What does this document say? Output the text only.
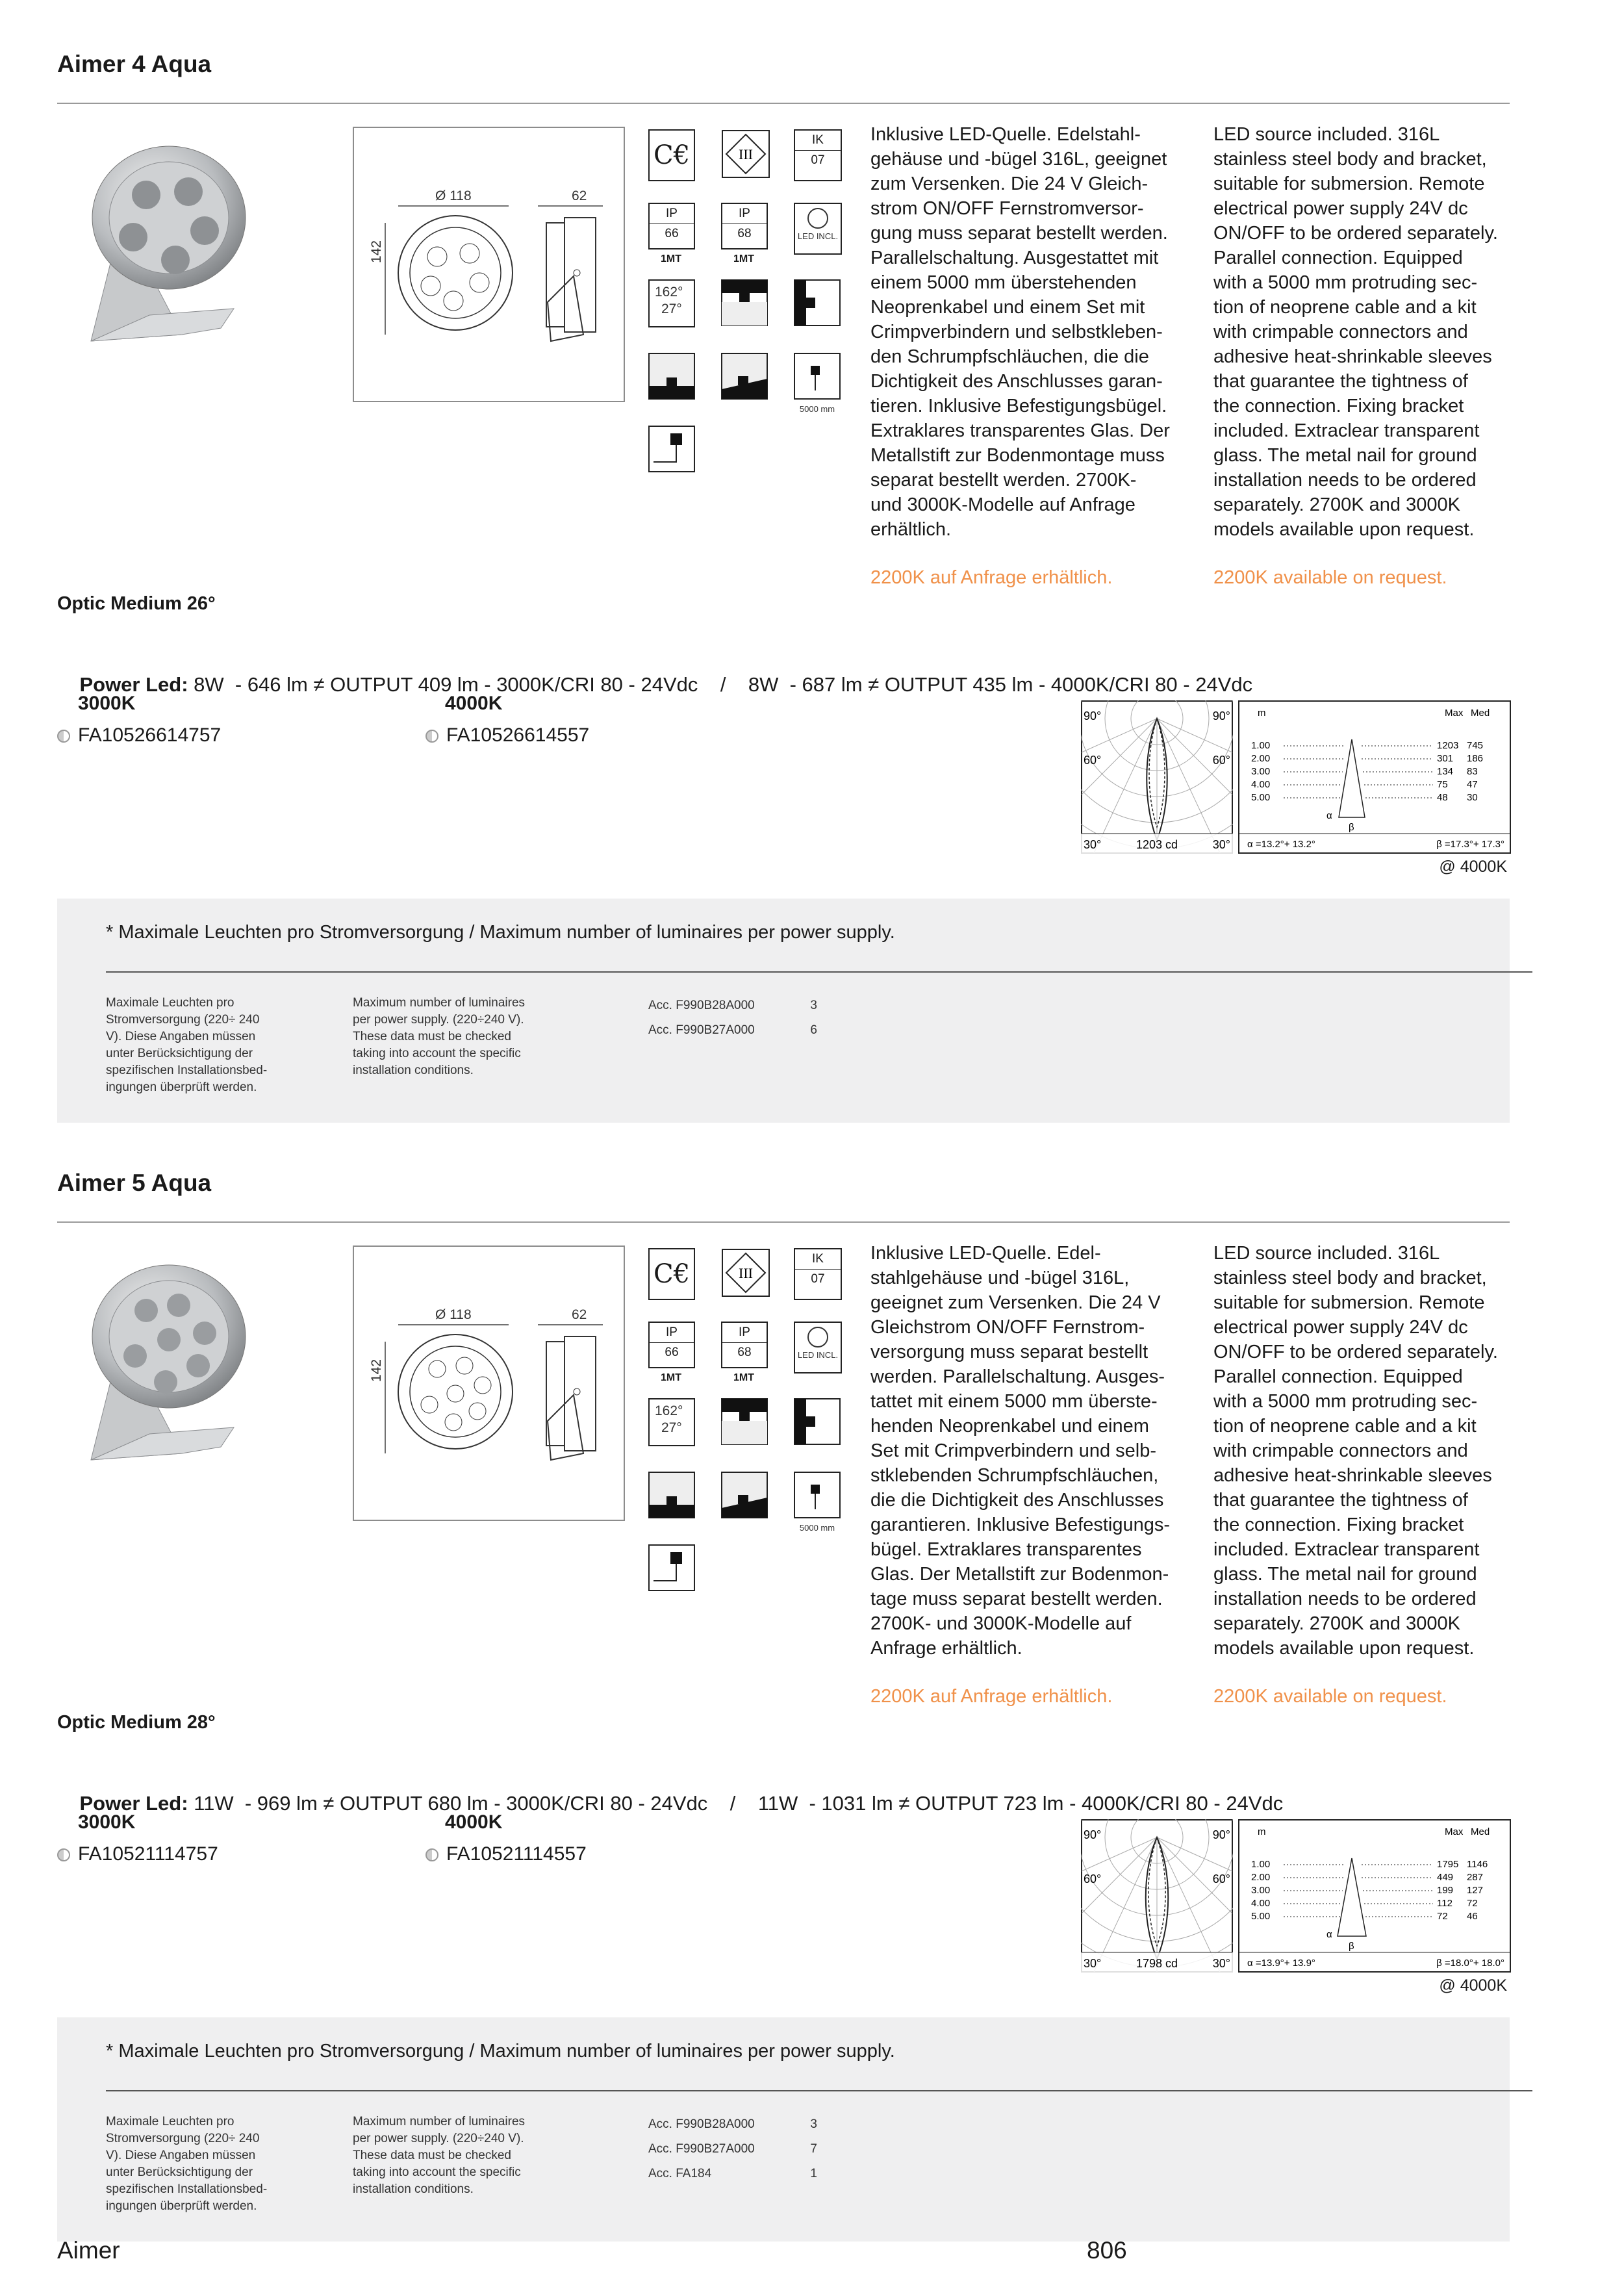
Aimer 4 Aqua
Ø 118	62
142
C€	III
IK
07
IP
66
1MT
IP
68
1MT
LED INCL.
162°
27°
5000 mm
Inklusive LED-Quelle. Edelstahl-
gehäuse und -bügel 316L, geeignet
zum Versenken. Die 24 V Gleich-
strom ON/OFF Fernstromversor-
gung muss separat bestellt werden.
Parallelschaltung. Ausgestattet mit
einem 5000 mm überstehenden
Neoprenkabel und einem Set mit
Crimpverbindern und selbstkleben-
den Schrumpfschläuchen, die die
Dichtigkeit des Anschlusses garan-
tieren. Inklusive Befestigungsbügel.
Extraklares transparentes Glas. Der
Metallstift zur Bodenmontage muss
separat bestellt werden. 2700K-
und 3000K-Modelle auf Anfrage
erhältlich.
LED source included. 316L
stainless steel body and bracket,
suitable for submersion. Remote
electrical power supply 24V dc
ON/OFF to be ordered separately.
Parallel connection. Equipped
with a 5000 mm protruding sec-
tion of neoprene cable and a kit
with crimpable connectors and
adhesive heat-shrinkable sleeves
that guarantee the tightness of
the connection. Fixing bracket
included. Extraclear transparent
glass. The metal nail for ground
installation needs to be ordered
separately. 2700K and 3000K
models available upon request.
2200K auf Anfrage erhältlich.	2200K available on request.
Optic Medium 26°

Power Led: 8W  - 646 lm ≠ OUTPUT 409 lm - 3000K/CRI 80 - 24Vdc    /    8W  - 687 lm ≠ OUTPUT 435 lm - 4000K/CRI 80 - 24Vdc

3000K
FA10526614757
4000K
FA10526614557
90°	90°
60°	60°
30°	30°
1203 cd
m	Max Med
1.00	1203 745
2.00	301 186
3.00	134 83
4.00	75 47
5.00	48 30
α
β
α =13.2°+ 13.2°	β =17.3°+ 17.3°
@ 4000K
* Maximale Leuchten pro Stromversorgung / Maximum number of luminaires per power supply.
Maximale Leuchten pro
Stromversorgung (220÷ 240
V). Diese Angaben müssen
unter Berücksichtigung der
spezifischen Installationsbed-
ingungen überprüft werden.
Maximum number of luminaires
per power supply. (220÷240 V).
These data must be checked
taking into account the specific
installation conditions.
Acc. F990B28A000	3
Acc. F990B27A000	6
Aimer 5 Aqua
Ø 118	62
142
C€	III
IK
07
IP
66
1MT
IP
68
1MT
LED INCL.
162°
27°
5000 mm
Inklusive LED-Quelle. Edel-
stahlgehäuse und -bügel 316L,
geeignet zum Versenken. Die 24 V
Gleichstrom ON/OFF Fernstrom-
versorgung muss separat bestellt
werden. Parallelschaltung. Ausges-
tattet mit einem 5000 mm überste-
henden Neoprenkabel und einem
Set mit Crimpverbindern und selb-
stklebenden Schrumpfschläuchen,
die die Dichtigkeit des Anschlusses
garantieren. Inklusive Befestigungs-
bügel. Extraklares transparentes
Glas. Der Metallstift zur Bodenmon-
tage muss separat bestellt werden.
2700K- und 3000K-Modelle auf
Anfrage erhältlich.
LED source included. 316L
stainless steel body and bracket,
suitable for submersion. Remote
electrical power supply 24V dc
ON/OFF to be ordered separately.
Parallel connection. Equipped
with a 5000 mm protruding sec-
tion of neoprene cable and a kit
with crimpable connectors and
adhesive heat-shrinkable sleeves
that guarantee the tightness of
the connection. Fixing bracket
included. Extraclear transparent
glass. The metal nail for ground
installation needs to be ordered
separately. 2700K and 3000K
models available upon request.
2200K auf Anfrage erhältlich.	2200K available on request.
Optic Medium 28°

Power Led: 11W  - 969 lm ≠ OUTPUT 680 lm - 3000K/CRI 80 - 24Vdc    /    11W  - 1031 lm ≠ OUTPUT 723 lm - 4000K/CRI 80 - 24Vdc

3000K
FA10521114757
4000K
FA10521114557
90°	90°
60°	60°
30°	30°
1798 cd
m	Max Med
1.00	1795 1146
2.00	449 287
3.00	199 127
4.00	112 72
5.00	72 46
α
β
α =13.9°+ 13.9°	β =18.0°+ 18.0°
@ 4000K
* Maximale Leuchten pro Stromversorgung / Maximum number of luminaires per power supply.
Maximale Leuchten pro
Stromversorgung (220÷ 240
V). Diese Angaben müssen
unter Berücksichtigung der
spezifischen Installationsbed-
ingungen überprüft werden.
Maximum number of luminaires
per power supply. (220÷240 V).
These data must be checked
taking into account the specific
installation conditions.
Acc. F990B28A000	3
Acc. F990B27A000	7
Acc. FA184	1
Aimer	806
